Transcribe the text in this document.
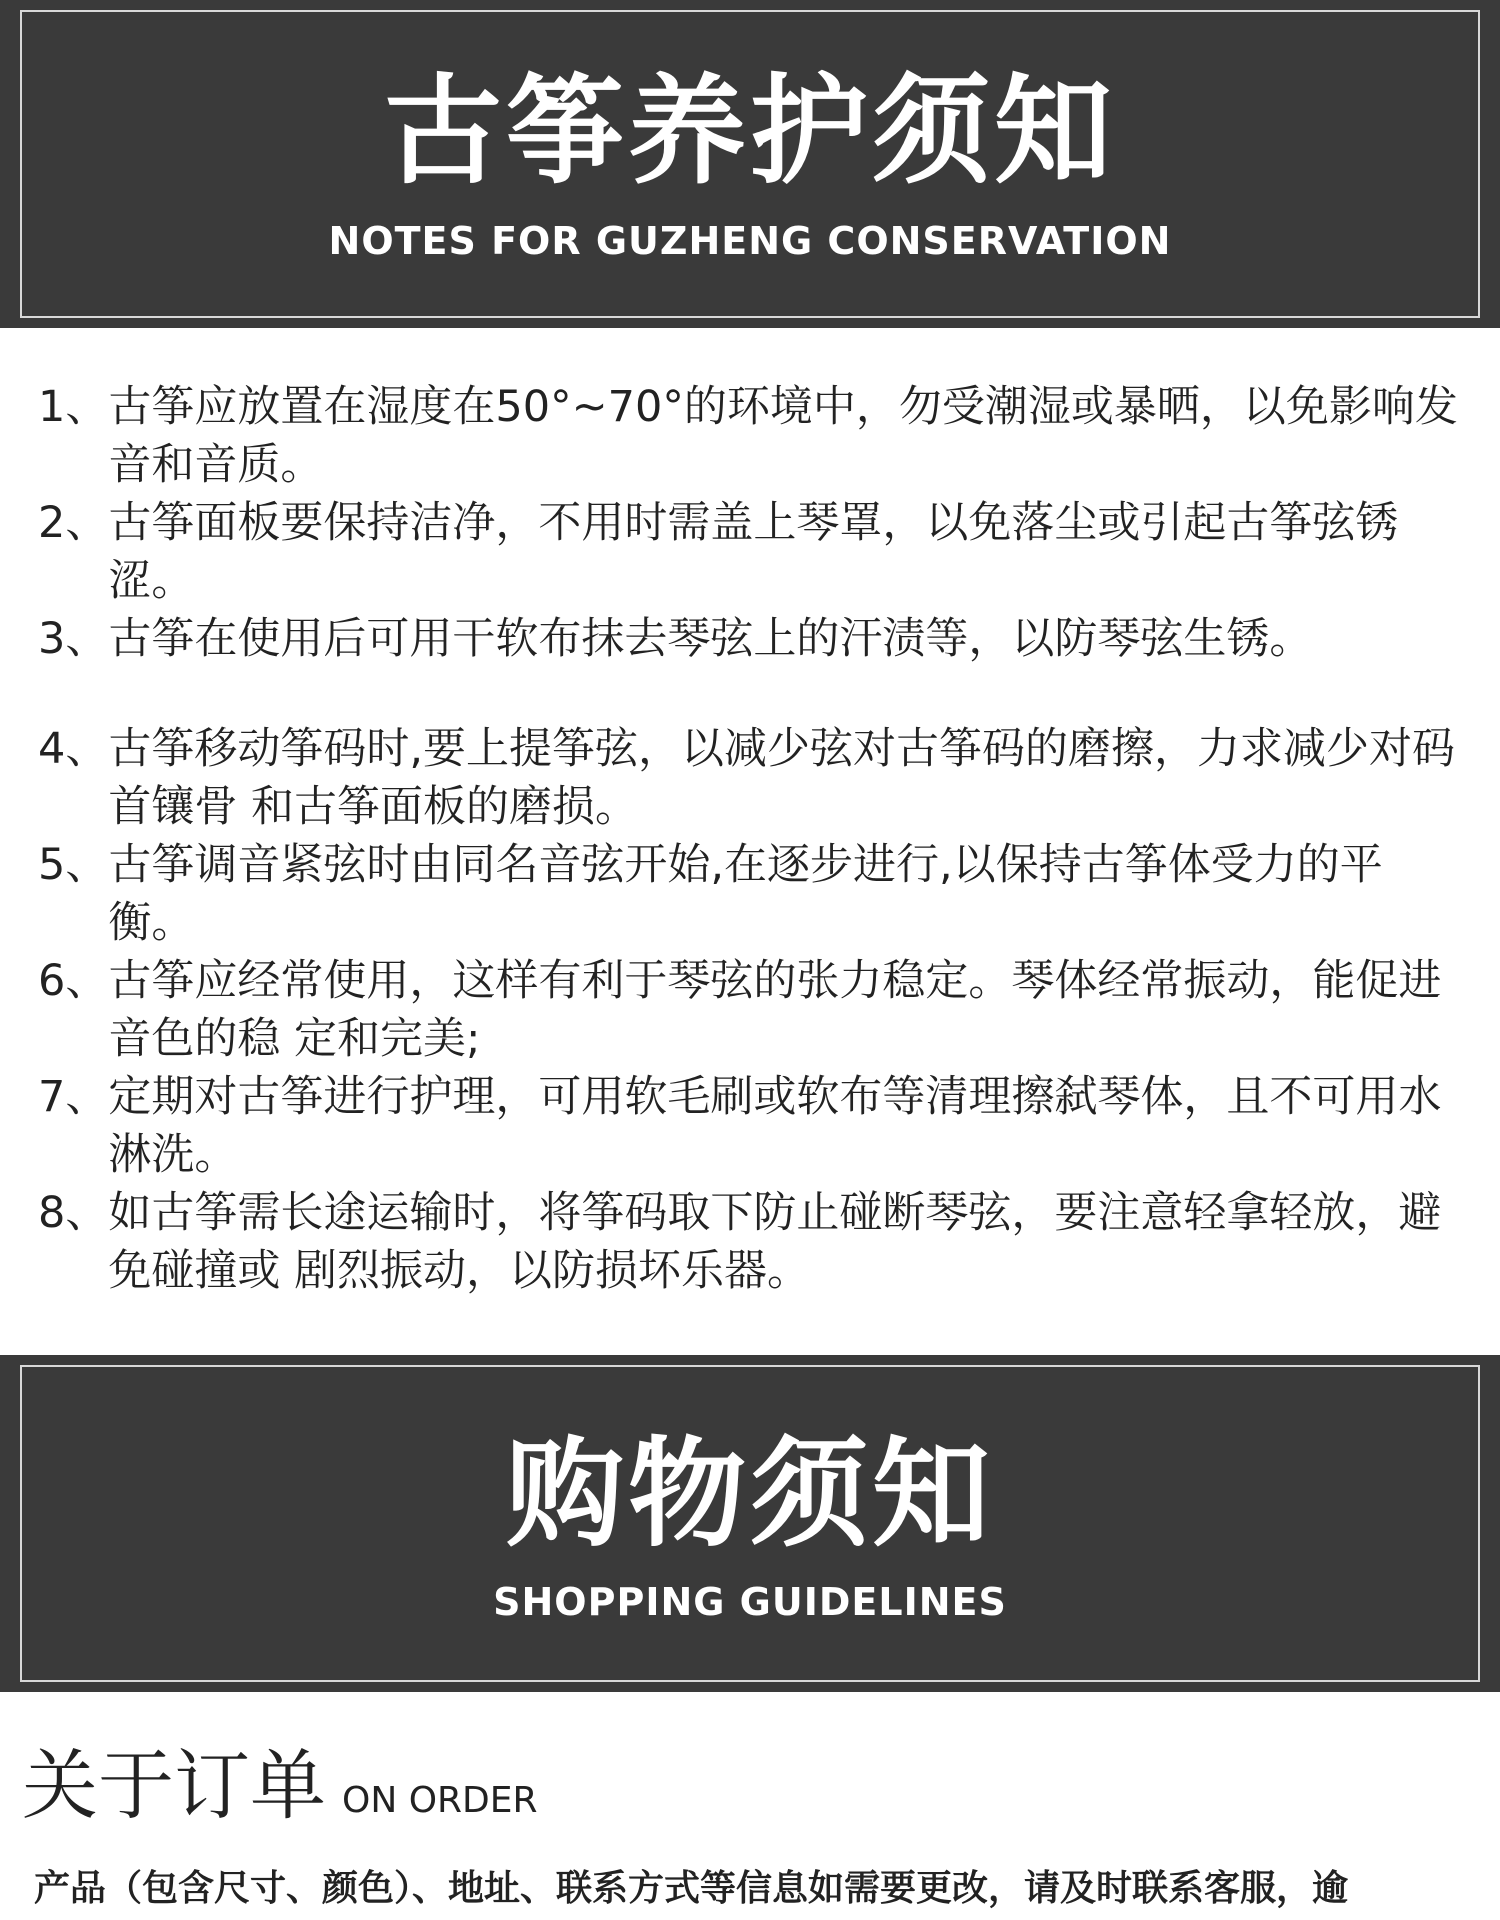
古筝养护须知
NOTES FOR GUZHENG CONSERVATION
1、 古筝应放置在湿度在50°~70°的环境中，勿受潮湿或暴晒，以免影响发音和音质。
2、 古筝面板要保持洁净，不用时需盖上琴罩，以免落尘或引起古筝弦锈涩。
3、 古筝在使用后可用干软布抹去琴弦上的汗渍等，以防琴弦生锈。
4、 古筝移动筝码时,要上提筝弦，以减少弦对古筝码的磨擦，力求减少对码首镶骨 和古筝面板的磨损。
5、 古筝调音紧弦时由同名音弦开始,在逐步进行,以保持古筝体受力的平衡。
6、 古筝应经常使用，这样有利于琴弦的张力稳定。琴体经常振动，能促进音色的稳 定和完美;
7、 定期对古筝进行护理，可用软毛刷或软布等清理擦弑琴体，且不可用水淋洗。
8、 如古筝需长途运输时，将筝码取下防止碰断琴弦，要注意轻拿轻放，避免碰撞或 剧烈振动，以防损坏乐器。
购物须知
SHOPPING GUIDELINES
关于订单 ON ORDER
产品（包含尺寸、颜色）、地址、联系方式等信息如需要更改，请及时联系客服，逾
